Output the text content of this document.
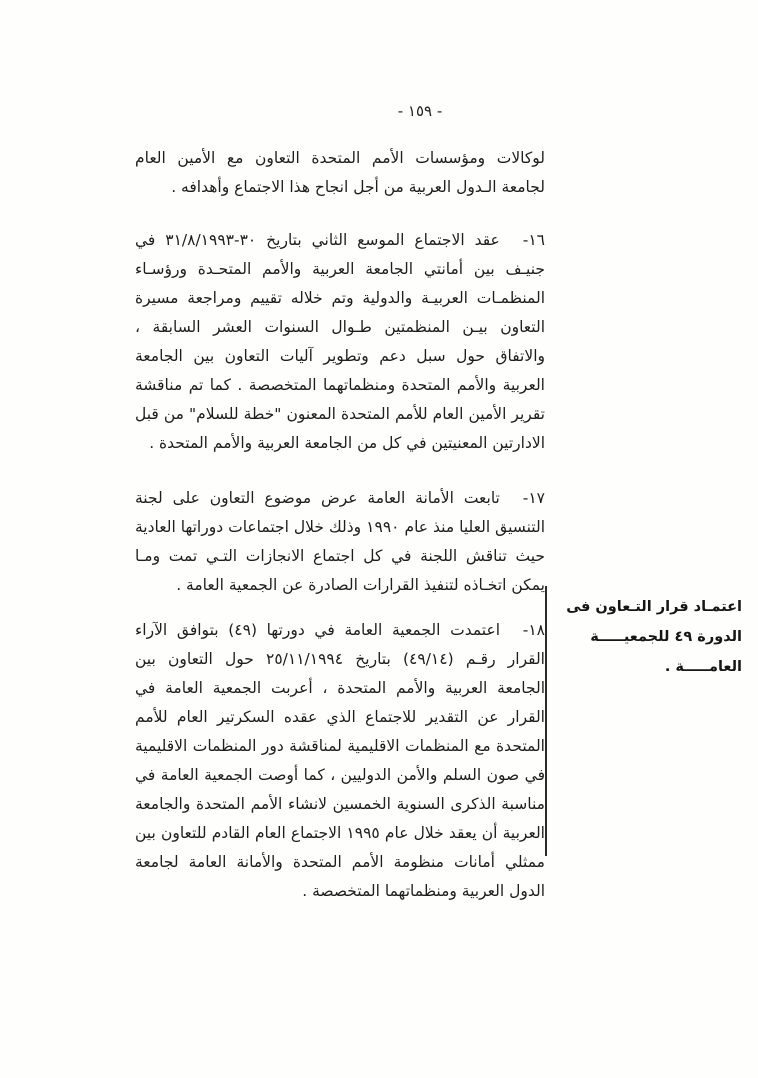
- ١٥٩ -
لوكالات ومؤسسات الأمم المتحدة التعاون مع الأمين العام لجامعة الـدول العربية من أجل انجاح هذا الاجتماع وأهدافه .
١٦- عقد الاجتماع الموسع الثاني بتاريخ ٣٠-٣١/٨/١٩٩٣ في جنيـف بين أمانتي الجامعة العربية والأمم المتحـدة ورؤسـاء المنظمـات العربيـة والدولية وتم خلاله تقييم ومراجعة مسيرة التعاون بيـن المنظمتين طـوال السنوات العشر السابقة ، والاتفاق حول سبل دعم وتطوير آليات التعاون بين الجامعة العربية والأمم المتحدة ومنظماتهما المتخصصة . كما تم مناقشة تقرير الأمين العام للأمم المتحدة المعنون "خطة للسلام" من قبل الادارتين المعنيتين في كل من الجامعة العربية والأمم المتحدة .
١٧- تابعت الأمانة العامة عرض موضوع التعاون على لجنة التنسيق العليا منذ عام ١٩٩٠ وذلك خلال اجتماعات دوراتها العادية حيث تناقش اللجنة في كل اجتماع الانجازات التـي تمت ومـا يمكن اتخـاذه لتنفيذ القرارات الصادرة عن الجمعية العامة .
١٨- اعتمدت الجمعية العامة في دورتها (٤٩) بتوافق الآراء القرار رقـم (٤٩/١٤) بتاريخ ٢٥/١١/١٩٩٤ حول التعاون بين الجامعة العربية والأمم المتحدة ، أعربت الجمعية العامة في القرار عن التقدير للاجتماع الذي عقده السكرتير العام للأمم المتحدة مع المنظمات الاقليمية لمناقشة دور المنظمات الاقليمية في صون السلم والأمن الدوليين ، كما أوصت الجمعية العامة في مناسبة الذكرى السنوية الخمسين لانشاء الأمم المتحدة والجامعة العربية أن يعقد خلال عام ١٩٩٥ الاجتماع العام القادم للتعاون بين ممثلي أمانات منظومة الأمم المتحدة والأمانة العامة لجامعة الدول العربية ومنظماتهما المتخصصة .
اعتمـاد قرار التـعاون فى
الدورة ٤٩ للجمعيـــــة
العامـــــة .
